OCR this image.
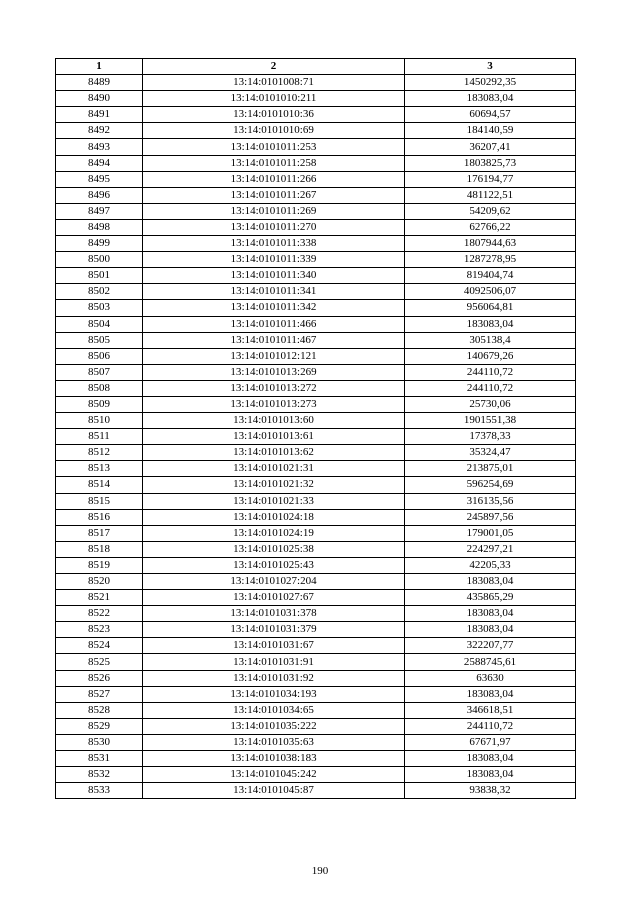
1	2	3
8489	13:14:0101008:71	1450292,35
8490	13:14:0101010:211	183083,04
8491	13:14:0101010:36	60694,57
8492	13:14:0101010:69	184140,59
8493	13:14:0101011:253	36207,41
8494	13:14:0101011:258	1803825,73
8495	13:14:0101011:266	176194,77
8496	13:14:0101011:267	481122,51
8497	13:14:0101011:269	54209,62
8498	13:14:0101011:270	62766,22
8499	13:14:0101011:338	1807944,63
8500	13:14:0101011:339	1287278,95
8501	13:14:0101011:340	819404,74
8502	13:14:0101011:341	4092506,07
8503	13:14:0101011:342	956064,81
8504	13:14:0101011:466	183083,04
8505	13:14:0101011:467	305138,4
8506	13:14:0101012:121	140679,26
8507	13:14:0101013:269	244110,72
8508	13:14:0101013:272	244110,72
8509	13:14:0101013:273	25730,06
8510	13:14:0101013:60	1901551,38
8511	13:14:0101013:61	17378,33
8512	13:14:0101013:62	35324,47
8513	13:14:0101021:31	213875,01
8514	13:14:0101021:32	596254,69
8515	13:14:0101021:33	316135,56
8516	13:14:0101024:18	245897,56
8517	13:14:0101024:19	179001,05
8518	13:14:0101025:38	224297,21
8519	13:14:0101025:43	42205,33
8520	13:14:0101027:204	183083,04
8521	13:14:0101027:67	435865,29
8522	13:14:0101031:378	183083,04
8523	13:14:0101031:379	183083,04
8524	13:14:0101031:67	322207,77
8525	13:14:0101031:91	2588745,61
8526	13:14:0101031:92	63630
8527	13:14:0101034:193	183083,04
8528	13:14:0101034:65	346618,51
8529	13:14:0101035:222	244110,72
8530	13:14:0101035:63	67671,97
8531	13:14:0101038:183	183083,04
8532	13:14:0101045:242	183083,04
8533	13:14:0101045:87	93838,32
190
